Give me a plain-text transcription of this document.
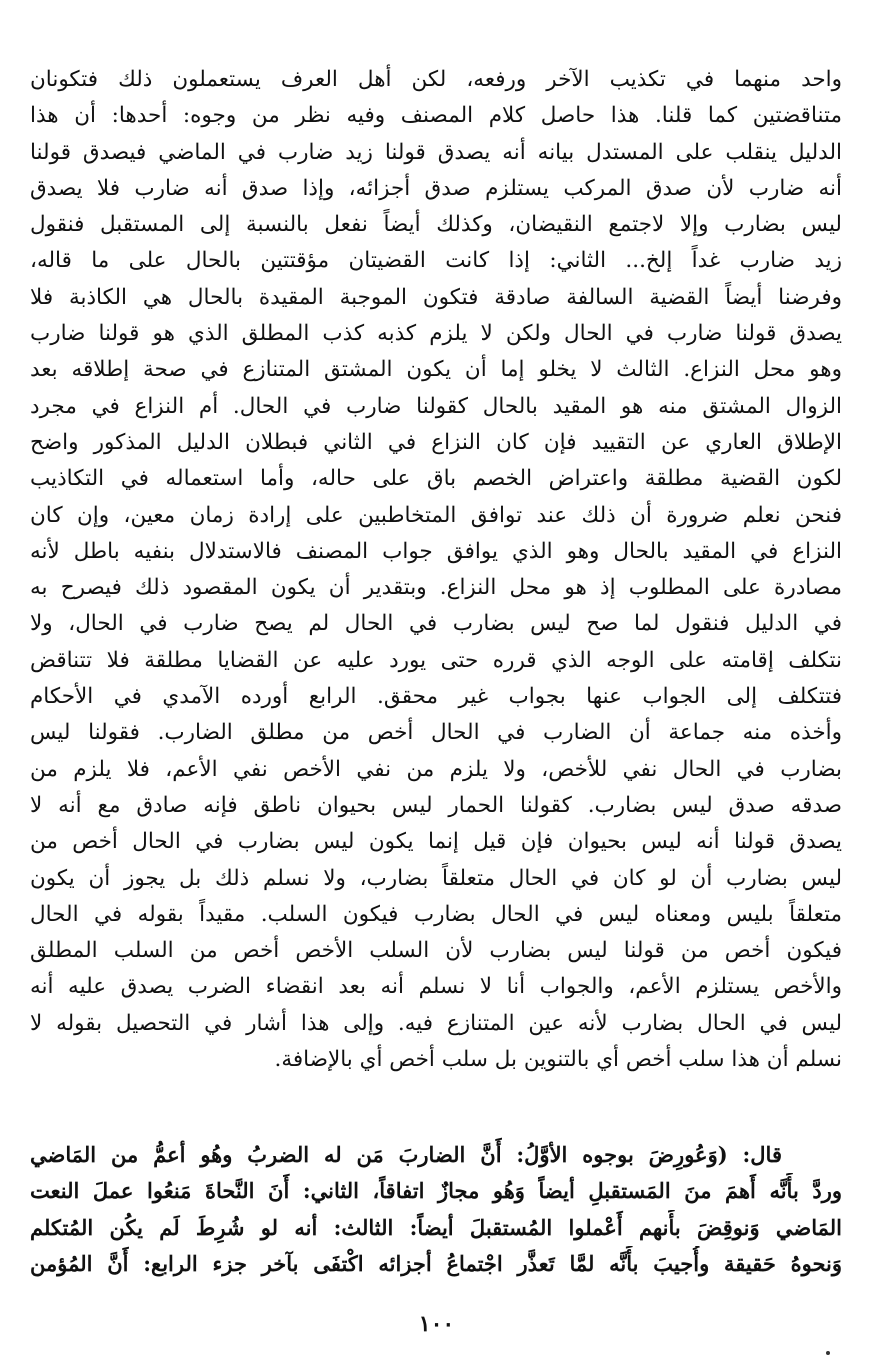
واحد منهما في تكذيب الآخر ورفعه، لكن أهل العرف يستعملون ذلك فتكونان
متناقضتين كما قلنا. هذا حاصل كلام المصنف وفيه نظر من وجوه: أحدها: أن هذا
الدليل ينقلب على المستدل بيانه أنه يصدق قولنا زيد ضارب في الماضي فيصدق قولنا
أنه ضارب لأن صدق المركب يستلزم صدق أجزائه، وإذا صدق أنه ضارب فلا يصدق
ليس بضارب وإلا لاجتمع النقيضان، وكذلك أيضاً نفعل بالنسبة إلى المستقبل فنقول
زيد ضارب غداً إلخ... الثاني: إذا كانت القضيتان مؤقتتين بالحال على ما قاله،
وفرضنا أيضاً القضية السالفة صادقة فتكون الموجبة المقيدة بالحال هي الكاذبة فلا
يصدق قولنا ضارب في الحال ولكن لا يلزم كذبه كذب المطلق الذي هو قولنا ضارب
وهو محل النزاع. الثالث لا يخلو إما أن يكون المشتق المتنازع في صحة إطلاقه بعد
الزوال المشتق منه هو المقيد بالحال كقولنا ضارب في الحال. أم النزاع في مجرد
الإطلاق العاري عن التقييد فإن كان النزاع في الثاني فبطلان الدليل المذكور واضح
لكون القضية مطلقة واعتراض الخصم باق على حاله، وأما استعماله في التكاذيب
فنحن نعلم ضرورة أن ذلك عند توافق المتخاطبين على إرادة زمان معين، وإن كان
النزاع في المقيد بالحال وهو الذي يوافق جواب المصنف فالاستدلال بنفيه باطل لأنه
مصادرة على المطلوب إذ هو محل النزاع. وبتقدير أن يكون المقصود ذلك فيصرح به
في الدليل فنقول لما صح ليس بضارب في الحال لم يصح ضارب في الحال، ولا
نتكلف إقامته على الوجه الذي قرره حتى يورد عليه عن القضايا مطلقة فلا تتناقض
فتتكلف إلى الجواب عنها بجواب غير محقق. الرابع أورده الآمدي في الأحكام
وأخذه منه جماعة أن الضارب في الحال أخص من مطلق الضارب. فقولنا ليس
بضارب في الحال نفي للأخص، ولا يلزم من نفي الأخص نفي الأعم، فلا يلزم من
صدقه صدق ليس بضارب. كقولنا الحمار ليس بحيوان ناطق فإنه صادق مع أنه لا
يصدق قولنا أنه ليس بحيوان فإن قيل إنما يكون ليس بضارب في الحال أخص من
ليس بضارب أن لو كان في الحال متعلقاً بضارب، ولا نسلم ذلك بل يجوز أن يكون
متعلقاً بليس ومعناه ليس في الحال بضارب فيكون السلب. مقيداً بقوله في الحال
فيكون أخص من قولنا ليس بضارب لأن السلب الأخص أخص من السلب المطلق
والأخص يستلزم الأعم، والجواب أنا لا نسلم أنه بعد انقضاء الضرب يصدق عليه أنه
ليس في الحال بضارب لأنه عين المتنازع فيه. وإلى هذا أشار في التحصيل بقوله لا
نسلم أن هذا سلب أخص أي بالتنوين بل سلب أخص أي بالإضافة.
قال: (وَعُورِضَ بوجوه الأوَّلُ: أَنَّ الضاربَ مَن له الضربُ وهُو أعمُّ من المَاضي
وردَّ بأَنَّه أَهمَ منَ المَستقبلِ أيضاً وَهُو مجازٌ اتفاقاً، الثاني: أَنَ النَّحاةَ مَنعُوا عملَ النعت
المَاضي وَنوقِضَ بأَنهم أَعْملوا المُستقبلَ أيضاً: الثالث: أنه لو شُرِطَ لَم يكُن المُتكلم
وَنحوهُ حَقيقة وأُجيبَ بأَنَّه لمَّا تَعذَّر اجْتماعُ أجزائه اكْتفَى بآخر جزء الرابع: أَنَّ المُؤمن
١٠٠
